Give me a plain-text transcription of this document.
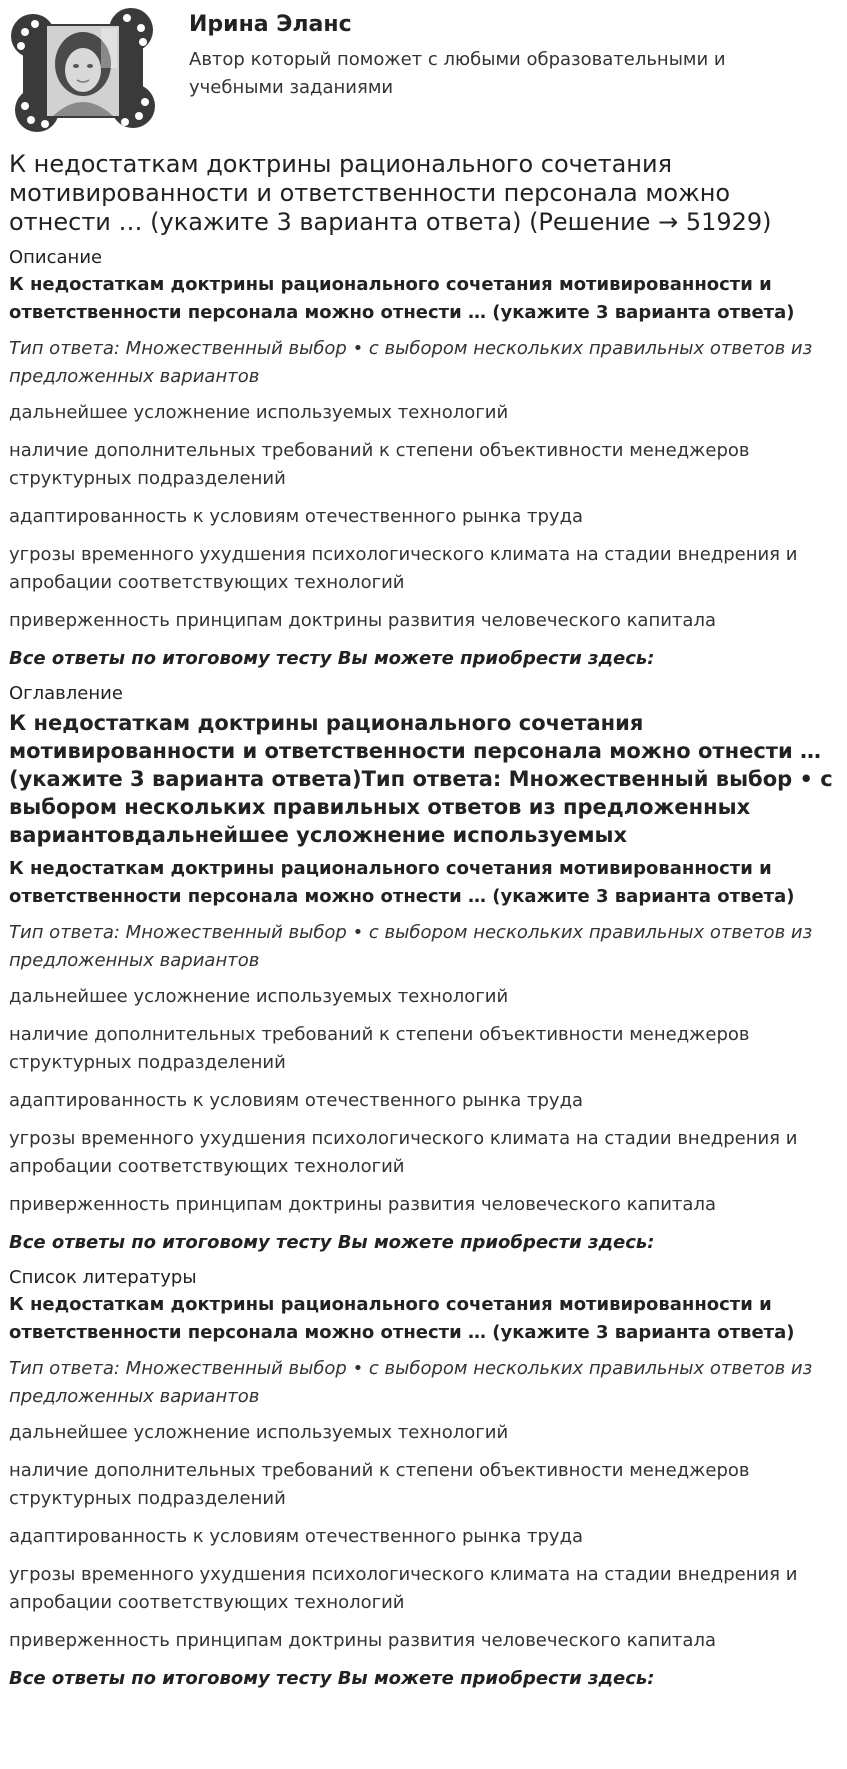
Ирина Эланс
Автор который поможет с любыми образовательными и учебными заданиями
К недостаткам доктрины рационального сочетания мотивированности и ответственности персонала можно отнести … (укажите 3 варианта ответа) (Решение → 51929)
Описание

К недостаткам доктрины рационального сочетания мотивированности и ответственности персонала можно отнести … (укажите 3 варианта ответа)

Тип ответа: Множественный выбор • с выбором нескольких правильных ответов из предложенных вариантов

дальнейшее усложнение используемых технологий

наличие дополнительных требований к степени объективности менеджеров структурных подразделений

адаптированность к условиям отечественного рынка труда

угрозы временного ухудшения психологического климата на стадии внедрения и апробации соответствующих технологий

приверженность принципам доктрины развития человеческого капитала

Все ответы по итоговому тесту Вы можете приобрести здесь:

Оглавление
К недостаткам доктрины рационального сочетания мотивированности и ответственности персонала можно отнести … (укажите 3 варианта ответа)Тип ответа: Множественный выбор • с выбором нескольких правильных ответов из предложенных вариантовдальнейшее усложнение используемых

К недостаткам доктрины рационального сочетания мотивированности и ответственности персонала можно отнести … (укажите 3 варианта ответа)

Тип ответа: Множественный выбор • с выбором нескольких правильных ответов из предложенных вариантов

дальнейшее усложнение используемых технологий

наличие дополнительных требований к степени объективности менеджеров структурных подразделений

адаптированность к условиям отечественного рынка труда

угрозы временного ухудшения психологического климата на стадии внедрения и апробации соответствующих технологий

приверженность принципам доктрины развития человеческого капитала

Все ответы по итоговому тесту Вы можете приобрести здесь:

Список литературы

К недостаткам доктрины рационального сочетания мотивированности и ответственности персонала можно отнести … (укажите 3 варианта ответа)

Тип ответа: Множественный выбор • с выбором нескольких правильных ответов из предложенных вариантов

дальнейшее усложнение используемых технологий

наличие дополнительных требований к степени объективности менеджеров структурных подразделений

адаптированность к условиям отечественного рынка труда

угрозы временного ухудшения психологического климата на стадии внедрения и апробации соответствующих технологий

приверженность принципам доктрины развития человеческого капитала

Все ответы по итоговому тесту Вы можете приобрести здесь:
